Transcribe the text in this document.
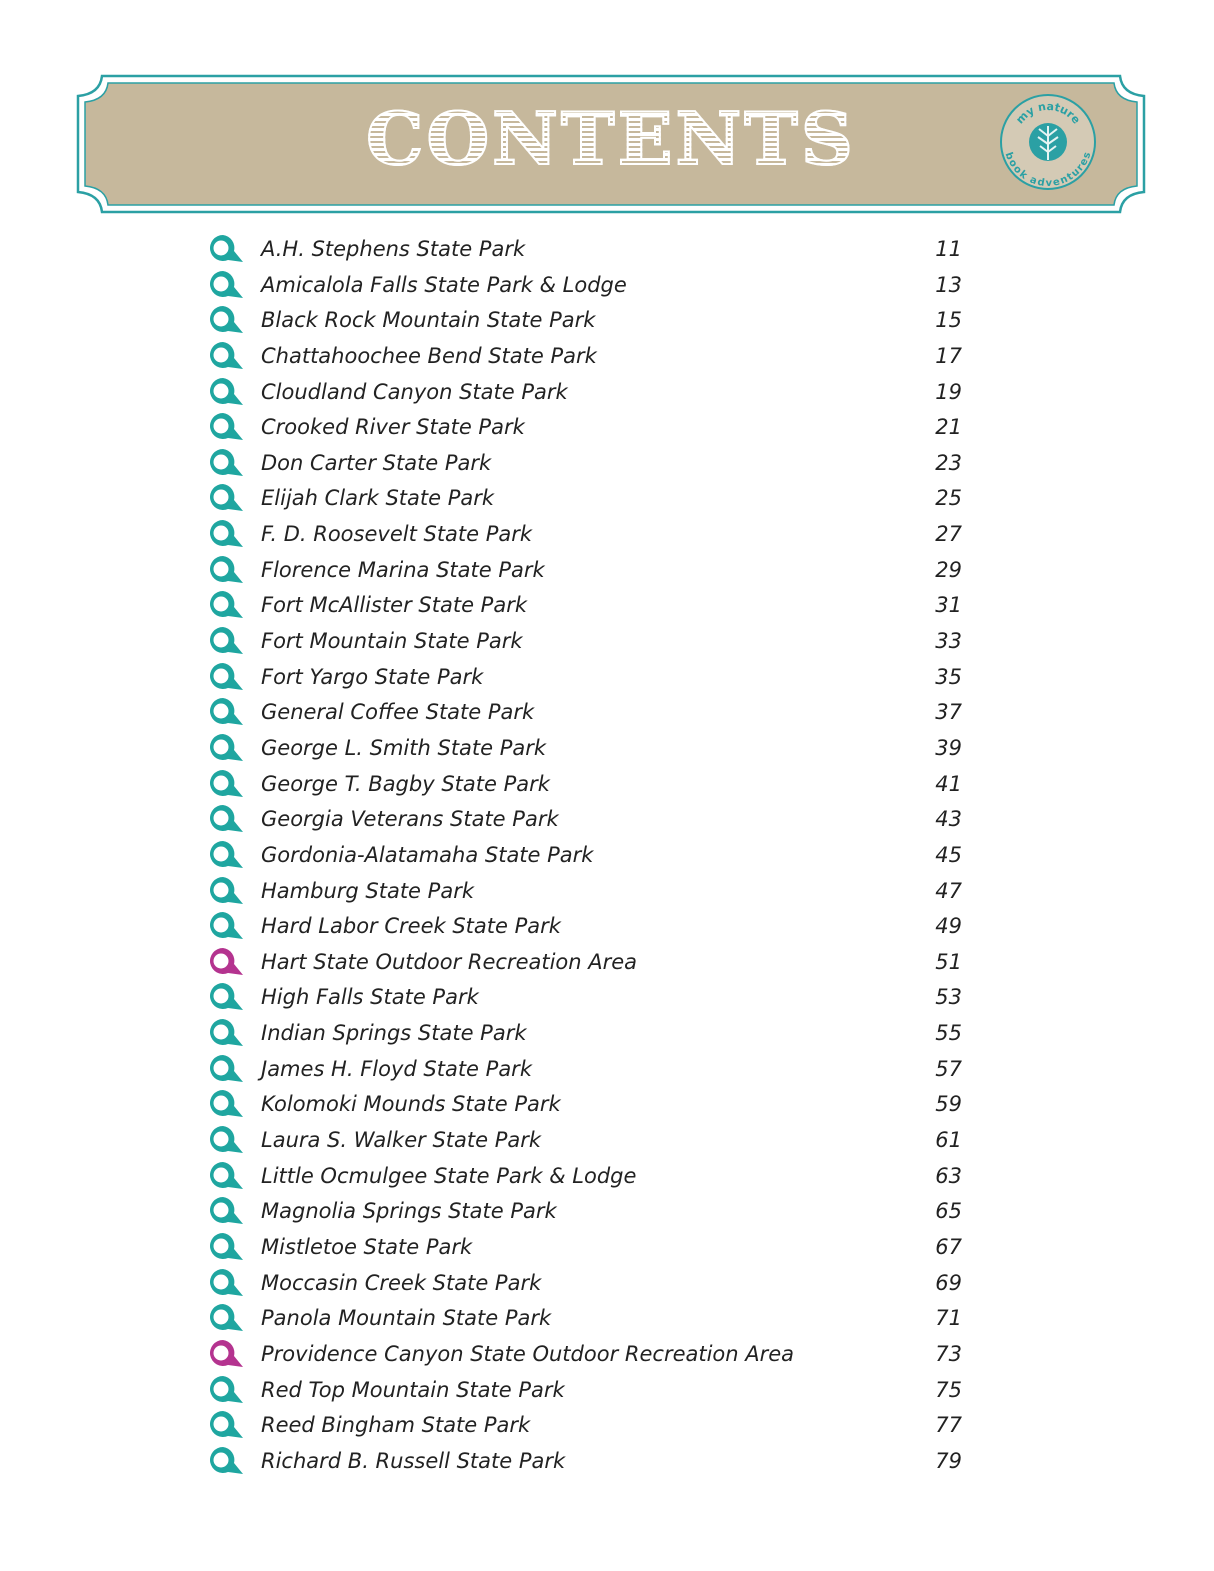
CONTENTS	my nature
book adventures
A.H. Stephens State Park	11
Amicalola Falls State Park & Lodge	13
Black Rock Mountain State Park	15
Chattahoochee Bend State Park	17
Cloudland Canyon State Park	19
Crooked River State Park	21
Don Carter State Park	23
Elijah Clark State Park	25
F. D. Roosevelt State Park	27
Florence Marina State Park	29
Fort McAllister State Park	31
Fort Mountain State Park	33
Fort Yargo State Park	35
General Coffee State Park	37
George L. Smith State Park	39
George T. Bagby State Park	41
Georgia Veterans State Park	43
Gordonia-Alatamaha State Park	45
Hamburg State Park	47
Hard Labor Creek State Park	49
Hart State Outdoor Recreation Area	51
High Falls State Park	53
Indian Springs State Park	55
James H. Floyd State Park	57
Kolomoki Mounds State Park	59
Laura S. Walker State Park	61
Little Ocmulgee State Park & Lodge	63
Magnolia Springs State Park	65
Mistletoe State Park	67
Moccasin Creek State Park	69
Panola Mountain State Park	71
Providence Canyon State Outdoor Recreation Area	73
Red Top Mountain State Park	75
Reed Bingham State Park	77
Richard B. Russell State Park	79
